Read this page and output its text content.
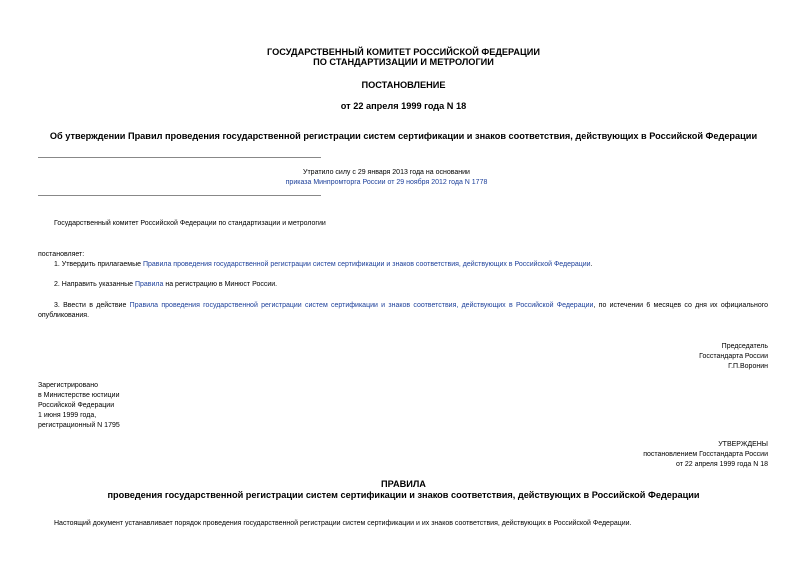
ГОСУДАРСТВЕННЫЙ КОМИТЕТ РОССИЙСКОЙ ФЕДЕРАЦИИ
ПО СТАНДАРТИЗАЦИИ И МЕТРОЛОГИИ
ПОСТАНОВЛЕНИЕ
от 22 апреля 1999 года N 18
Об утверждении Правил проведения государственной регистрации систем сертификации и знаков соответствия, действующих в Российской Федерации
Утратило силу с 29 января 2013 года на основании
приказа Минпромторга России от 29 ноября 2012 года N 1778
Государственный комитет Российской Федерации по стандартизации и метрологии
постановляет:
1. Утвердить прилагаемые Правила проведения государственной регистрации систем сертификации и знаков соответствия, действующих в Российской Федерации.
2. Направить указанные Правила на регистрацию в Минюст России.
3. Ввести в действие Правила проведения государственной регистрации систем сертификации и знаков соответствия, действующих в Российской Федерации, по истечении 6 месяцев со дня их официального опубликования.
Председатель
Госстандарта России
Г.П.Воронин
Зарегистрировано
в Министерстве юстиции
Российской Федерации
1 июня 1999 года,
регистрационный N 1795
УТВЕРЖДЕНЫ
постановлением Госстандарта России
от 22 апреля 1999 года N 18
ПРАВИЛА
проведения государственной регистрации систем сертификации и знаков соответствия, действующих в Российской Федерации
Настоящий документ устанавливает порядок проведения государственной регистрации систем сертификации и их знаков соответствия, действующих в Российской Федерации.
